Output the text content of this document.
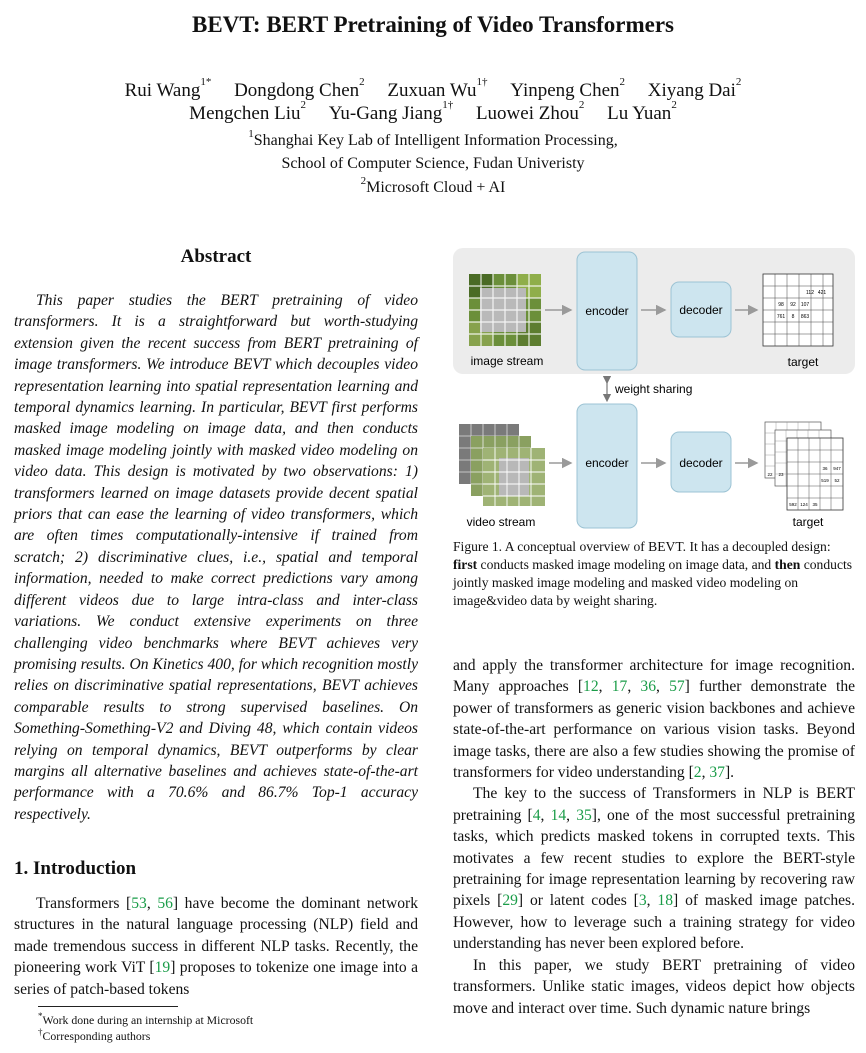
BEVT: BERT Pretraining of Video Transformers
Rui Wang$^{1*}$ Dongdong Chen$^2$ Zuxuan $Wu^{1\dagger}$ Yinpeng Chen$^2$ Xiyang Dai$^2$
Mengchen Liu$^2$ Yu-Gang Jiang$^{1\dagger}$ Luowei Zhou$^2$ Lu Yuan$^2$
$^1$Shanghai Key Lab of Intelligent Information Processing,
School of Computer Science, Fudan Univeristy
$^2$Microsoft Cloud + AI
Abstract
This paper studies the BERT pretraining of video transformers. It is a straightforward but worth-studying extension given the recent success from BERT pretraining of image transformers. We introduce BEVT which decouples video representation learning into spatial representation learning and temporal dynamics learning. In particular, BEVT first performs masked image modeling on image data, and then conducts masked image modeling jointly with masked video modeling on video data. This design is motivated by two observations: 1) transformers learned on image datasets provide decent spatial priors that can ease the learning of video transformers, which are often times computationally-intensive if trained from scratch; 2) discriminative clues, i.e., spatial and temporal information, needed to make correct predictions vary among different videos due to large intra-class and inter-class variations. We conduct extensive experiments on three challenging video benchmarks where BEVT achieves very promising results. On Kinetics 400, for which recognition mostly relies on discriminative spatial representations, BEVT achieves comparable results to strong supervised baselines. On Something-Something-V2 and Diving 48, which contain videos relying on temporal dynamics, BEVT outperforms by clear margins all alternative baselines and achieves state-of-the-art performance with a 70.6% and 86.7% Top-1 accuracy respectively.
1. Introduction
Transformers [53, 56] have become the dominant network structures in the natural language processing (NLP) field and made tremendous success in different NLP tasks. Recently, the pioneering work ViT [19] proposes to tokenize one image into a series of patch-based tokens
*Work done during an internship at Microsoft
†Corresponding authors
image stream
encoder	decoder
112 421
98 92 107
761 8 863
target
weight sharing
video stream
encoder	decoder	36 947
519 52
22 23
592 124 35
target
Figure 1. A conceptual overview of BEVT. It has a decoupled design: first conducts masked image modeling on image data, and then conducts jointly masked image modeling and masked video modeling on image&video data by weight sharing.

and apply the transformer architecture for image recognition. Many approaches [12, 17, 36, 57] further demonstrate the power of transformers as generic vision backbones and achieve state-of-the-art performance on various vision tasks. Beyond image tasks, there are also a few studies showing the promise of transformers for video understanding [2, 37].

The key to the success of Transformers in NLP is BERT pretraining [4, 14, 35], one of the most successful pretraining tasks, which predicts masked tokens in corrupted texts. This motivates a few recent studies to explore the BERT-style pretraining for image representation learning by recovering raw pixels [29] or latent codes [3, 18] of masked image patches. However, how to leverage such a training strategy for video understanding has never been explored before.

In this paper, we study BERT pretraining of video transformers. Unlike static images, videos depict how objects move and interact over time. Such dynamic nature brings
